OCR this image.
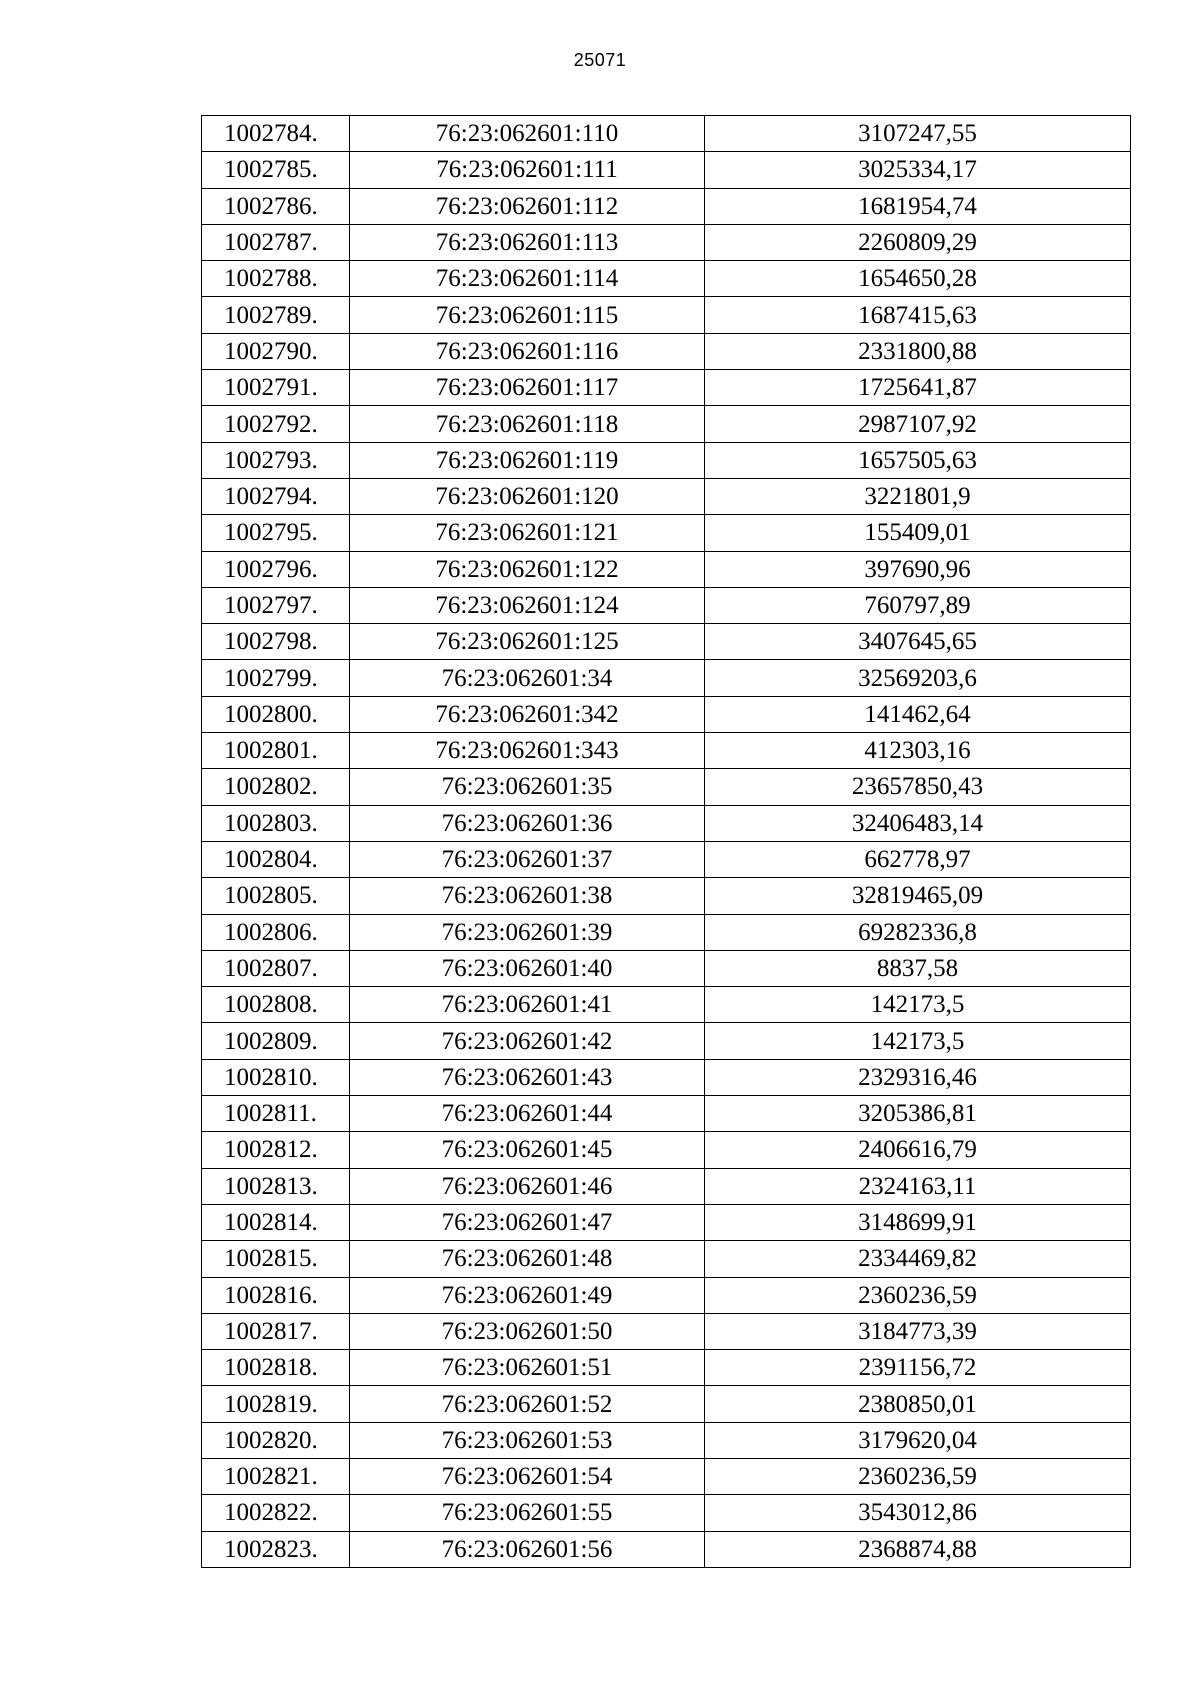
25071
1002784.	76:23:062601:110	3107247,55
1002785.	76:23:062601:111	3025334,17
1002786.	76:23:062601:112	1681954,74
1002787.	76:23:062601:113	2260809,29
1002788.	76:23:062601:114	1654650,28
1002789.	76:23:062601:115	1687415,63
1002790.	76:23:062601:116	2331800,88
1002791.	76:23:062601:117	1725641,87
1002792.	76:23:062601:118	2987107,92
1002793.	76:23:062601:119	1657505,63
1002794.	76:23:062601:120	3221801,9
1002795.	76:23:062601:121	155409,01
1002796.	76:23:062601:122	397690,96
1002797.	76:23:062601:124	760797,89
1002798.	76:23:062601:125	3407645,65
1002799.	76:23:062601:34	32569203,6
1002800.	76:23:062601:342	141462,64
1002801.	76:23:062601:343	412303,16
1002802.	76:23:062601:35	23657850,43
1002803.	76:23:062601:36	32406483,14
1002804.	76:23:062601:37	662778,97
1002805.	76:23:062601:38	32819465,09
1002806.	76:23:062601:39	69282336,8
1002807.	76:23:062601:40	8837,58
1002808.	76:23:062601:41	142173,5
1002809.	76:23:062601:42	142173,5
1002810.	76:23:062601:43	2329316,46
1002811.	76:23:062601:44	3205386,81
1002812.	76:23:062601:45	2406616,79
1002813.	76:23:062601:46	2324163,11
1002814.	76:23:062601:47	3148699,91
1002815.	76:23:062601:48	2334469,82
1002816.	76:23:062601:49	2360236,59
1002817.	76:23:062601:50	3184773,39
1002818.	76:23:062601:51	2391156,72
1002819.	76:23:062601:52	2380850,01
1002820.	76:23:062601:53	3179620,04
1002821.	76:23:062601:54	2360236,59
1002822.	76:23:062601:55	3543012,86
1002823.	76:23:062601:56	2368874,88
